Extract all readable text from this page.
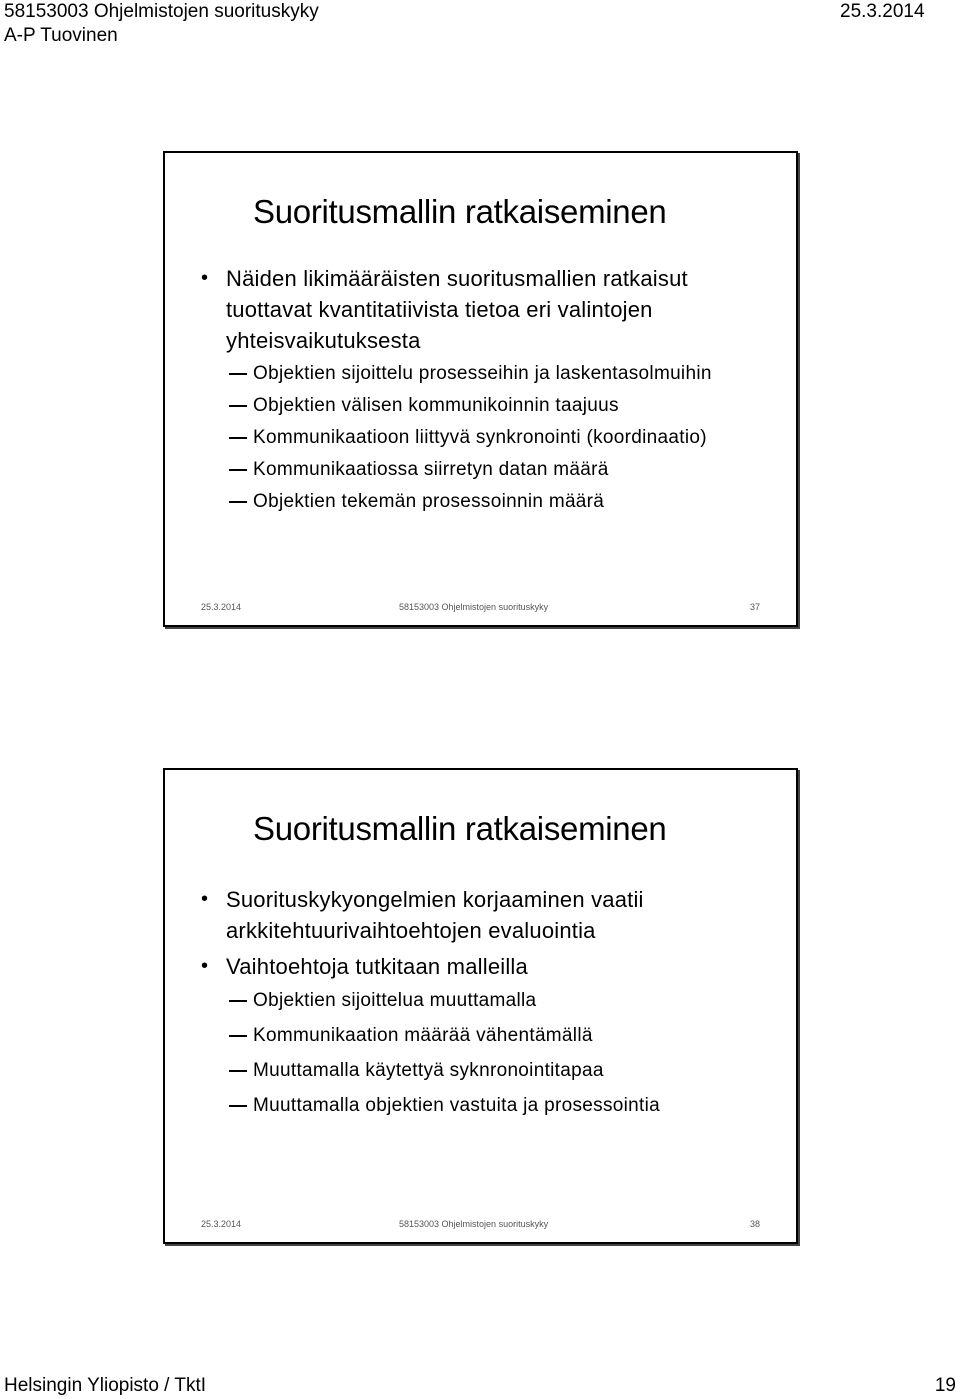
58153003 Ohjelmistojen suorituskyky	25.3.2014
A-P Tuovinen
Suoritusmallin ratkaiseminen
• Näiden likimääräisten suoritusmallien ratkaisut tuottavat kvantitatiivista tietoa eri valintojen yhteisvaikutuksesta
Objektien sijoittelu prosesseihin ja laskentasolmuihin
Objektien välisen kommunikoinnin taajuus
Kommunikaatioon liittyvä synkronointi (koordinaatio)
Kommunikaatiossa siirretyn datan määrä
Objektien tekemän prosessoinnin määrä
25.3.2014	58153003 Ohjelmistojen suorituskyky	37
Suoritusmallin ratkaiseminen
• Suorituskykyongelmien korjaaminen vaatii arkkitehtuurivaihtoehtojen evaluointia
• Vaihtoehtoja tutkitaan malleilla
Objektien sijoittelua muuttamalla
Kommunikaation määrää vähentämällä
Muuttamalla käytettyä syknronointitapaa
Muuttamalla objektien vastuita ja prosessointia
25.3.2014	58153003 Ohjelmistojen suorituskyky	38
Helsingin Yliopisto / TktI	19
